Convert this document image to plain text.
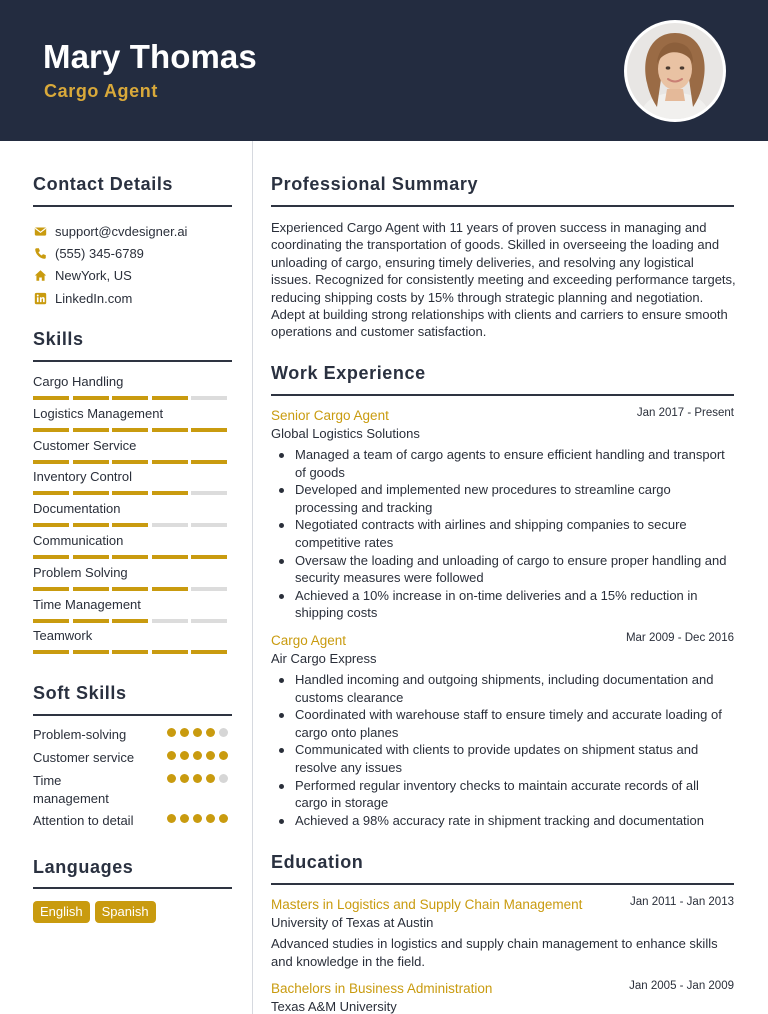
Mary Thomas
Cargo Agent
Contact Details
support@cvdesigner.ai
(555) 345-6789
NewYork, US
LinkedIn.com
Skills
Cargo Handling
Logistics Management
Customer Service
Inventory Control
Documentation
Communication
Problem Solving
Time Management
Teamwork
Soft Skills
Problem-solving
Customer service
Time management
Attention to detail
Languages
English	Spanish
Professional Summary
Experienced Cargo Agent with 11 years of proven success in managing and coordinating the transportation of goods. Skilled in overseeing the loading and unloading of cargo, ensuring timely deliveries, and resolving any logistical issues. Recognized for consistently meeting and exceeding performance targets, reducing shipping costs by 15% through strategic planning and negotiation. Adept at building strong relationships with clients and carriers to ensure smooth operations and customer satisfaction.
Work Experience
Senior Cargo Agent	Jan 2017 - Present
Global Logistics Solutions
Managed a team of cargo agents to ensure efficient handling and transport of goods
Developed and implemented new procedures to streamline cargo processing and tracking
Negotiated contracts with airlines and shipping companies to secure competitive rates
Oversaw the loading and unloading of cargo to ensure proper handling and security measures were followed
Achieved a 10% increase in on-time deliveries and a 15% reduction in shipping costs
Cargo Agent	Mar 2009 - Dec 2016
Air Cargo Express
Handled incoming and outgoing shipments, including documentation and customs clearance
Coordinated with warehouse staff to ensure timely and accurate loading of cargo onto planes
Communicated with clients to provide updates on shipment status and resolve any issues
Performed regular inventory checks to maintain accurate records of all cargo in storage
Achieved a 98% accuracy rate in shipment tracking and documentation
Education
Masters in Logistics and Supply Chain Management	Jan 2011 - Jan 2013
University of Texas at Austin
Advanced studies in logistics and supply chain management to enhance skills and knowledge in the field.
Bachelors in Business Administration	Jan 2005 - Jan 2009
Texas A&M University
